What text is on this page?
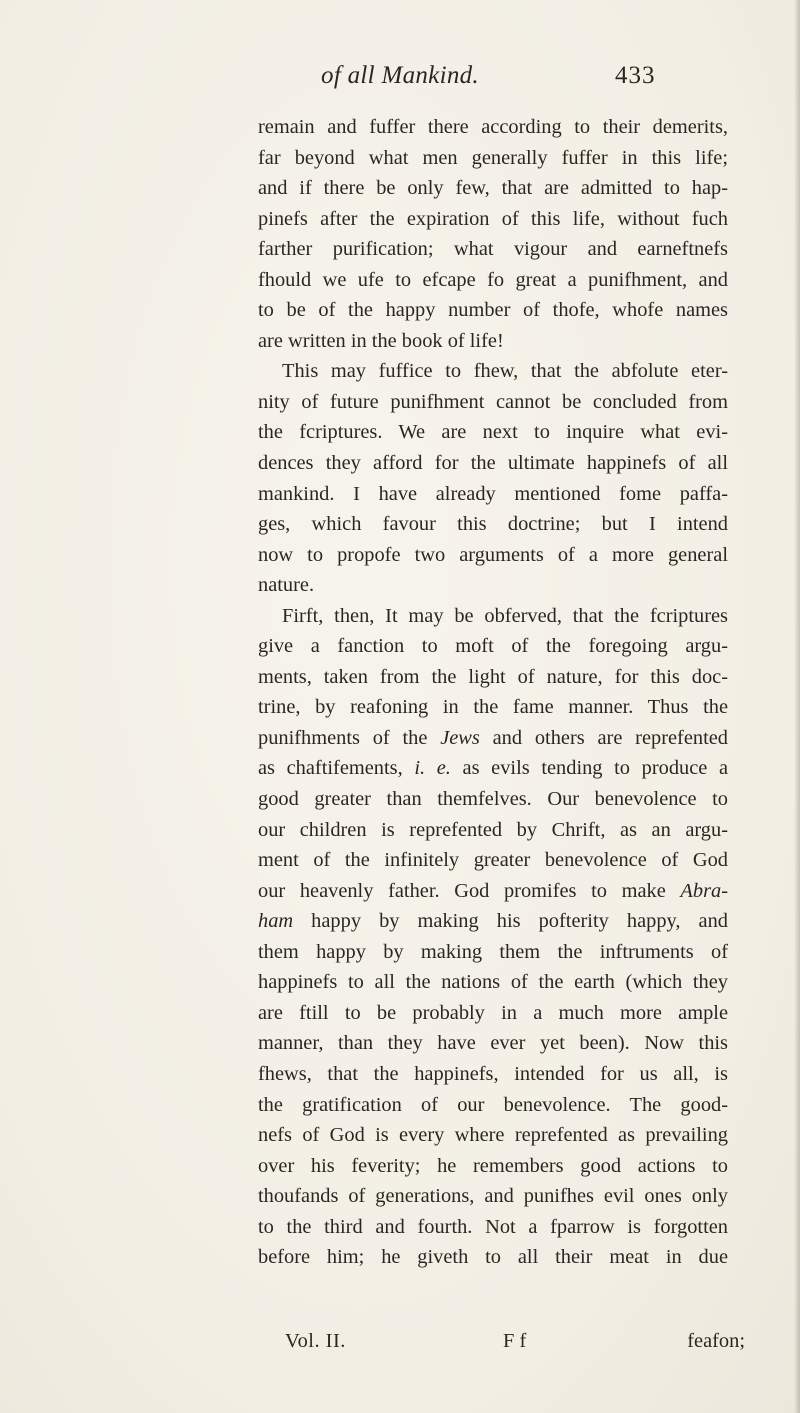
of all Mankind.	433
remain and fuffer there according to their demerits,
far beyond what men generally fuffer in this life;
and if there be only few, that are admitted to hap-
pinefs after the expiration of this life, without fuch
farther purification; what vigour and earneftnefs
fhould we ufe to efcape fo great a punifhment, and
to be of the happy number of thofe, whofe names
are written in the book of life!
This may fuffice to fhew, that the abfolute eter-
nity of future punifhment cannot be concluded from
the fcriptures. We are next to inquire what evi-
dences they afford for the ultimate happinefs of all
mankind. I have already mentioned fome paffa-
ges, which favour this doctrine; but I intend
now to propofe two arguments of a more general
nature.
Firft, then, It may be obferved, that the fcriptures
give a fanction to moft of the foregoing argu-
ments, taken from the light of nature, for this doc-
trine, by reafoning in the fame manner. Thus the
punifhments of the Jews and others are reprefented
as chaftifements, i. e. as evils tending to produce a
good greater than themfelves. Our benevolence to
our children is reprefented by Chrift, as an argu-
ment of the infinitely greater benevolence of God
our heavenly father. God promifes to make Abra-
ham happy by making his pofterity happy, and
them happy by making them the inftruments of
happinefs to all the nations of the earth (which they
are ftill to be probably in a much more ample
manner, than they have ever yet been). Now this
fhews, that the happinefs, intended for us all, is
the gratification of our benevolence. The good-
nefs of God is every where reprefented as prevailing
over his feverity; he remembers good actions to
thoufands of generations, and punifhes evil ones only
to the third and fourth. Not a fparrow is forgotten
before him; he giveth to all their meat in due
Vol. II.	F f	feafon;
